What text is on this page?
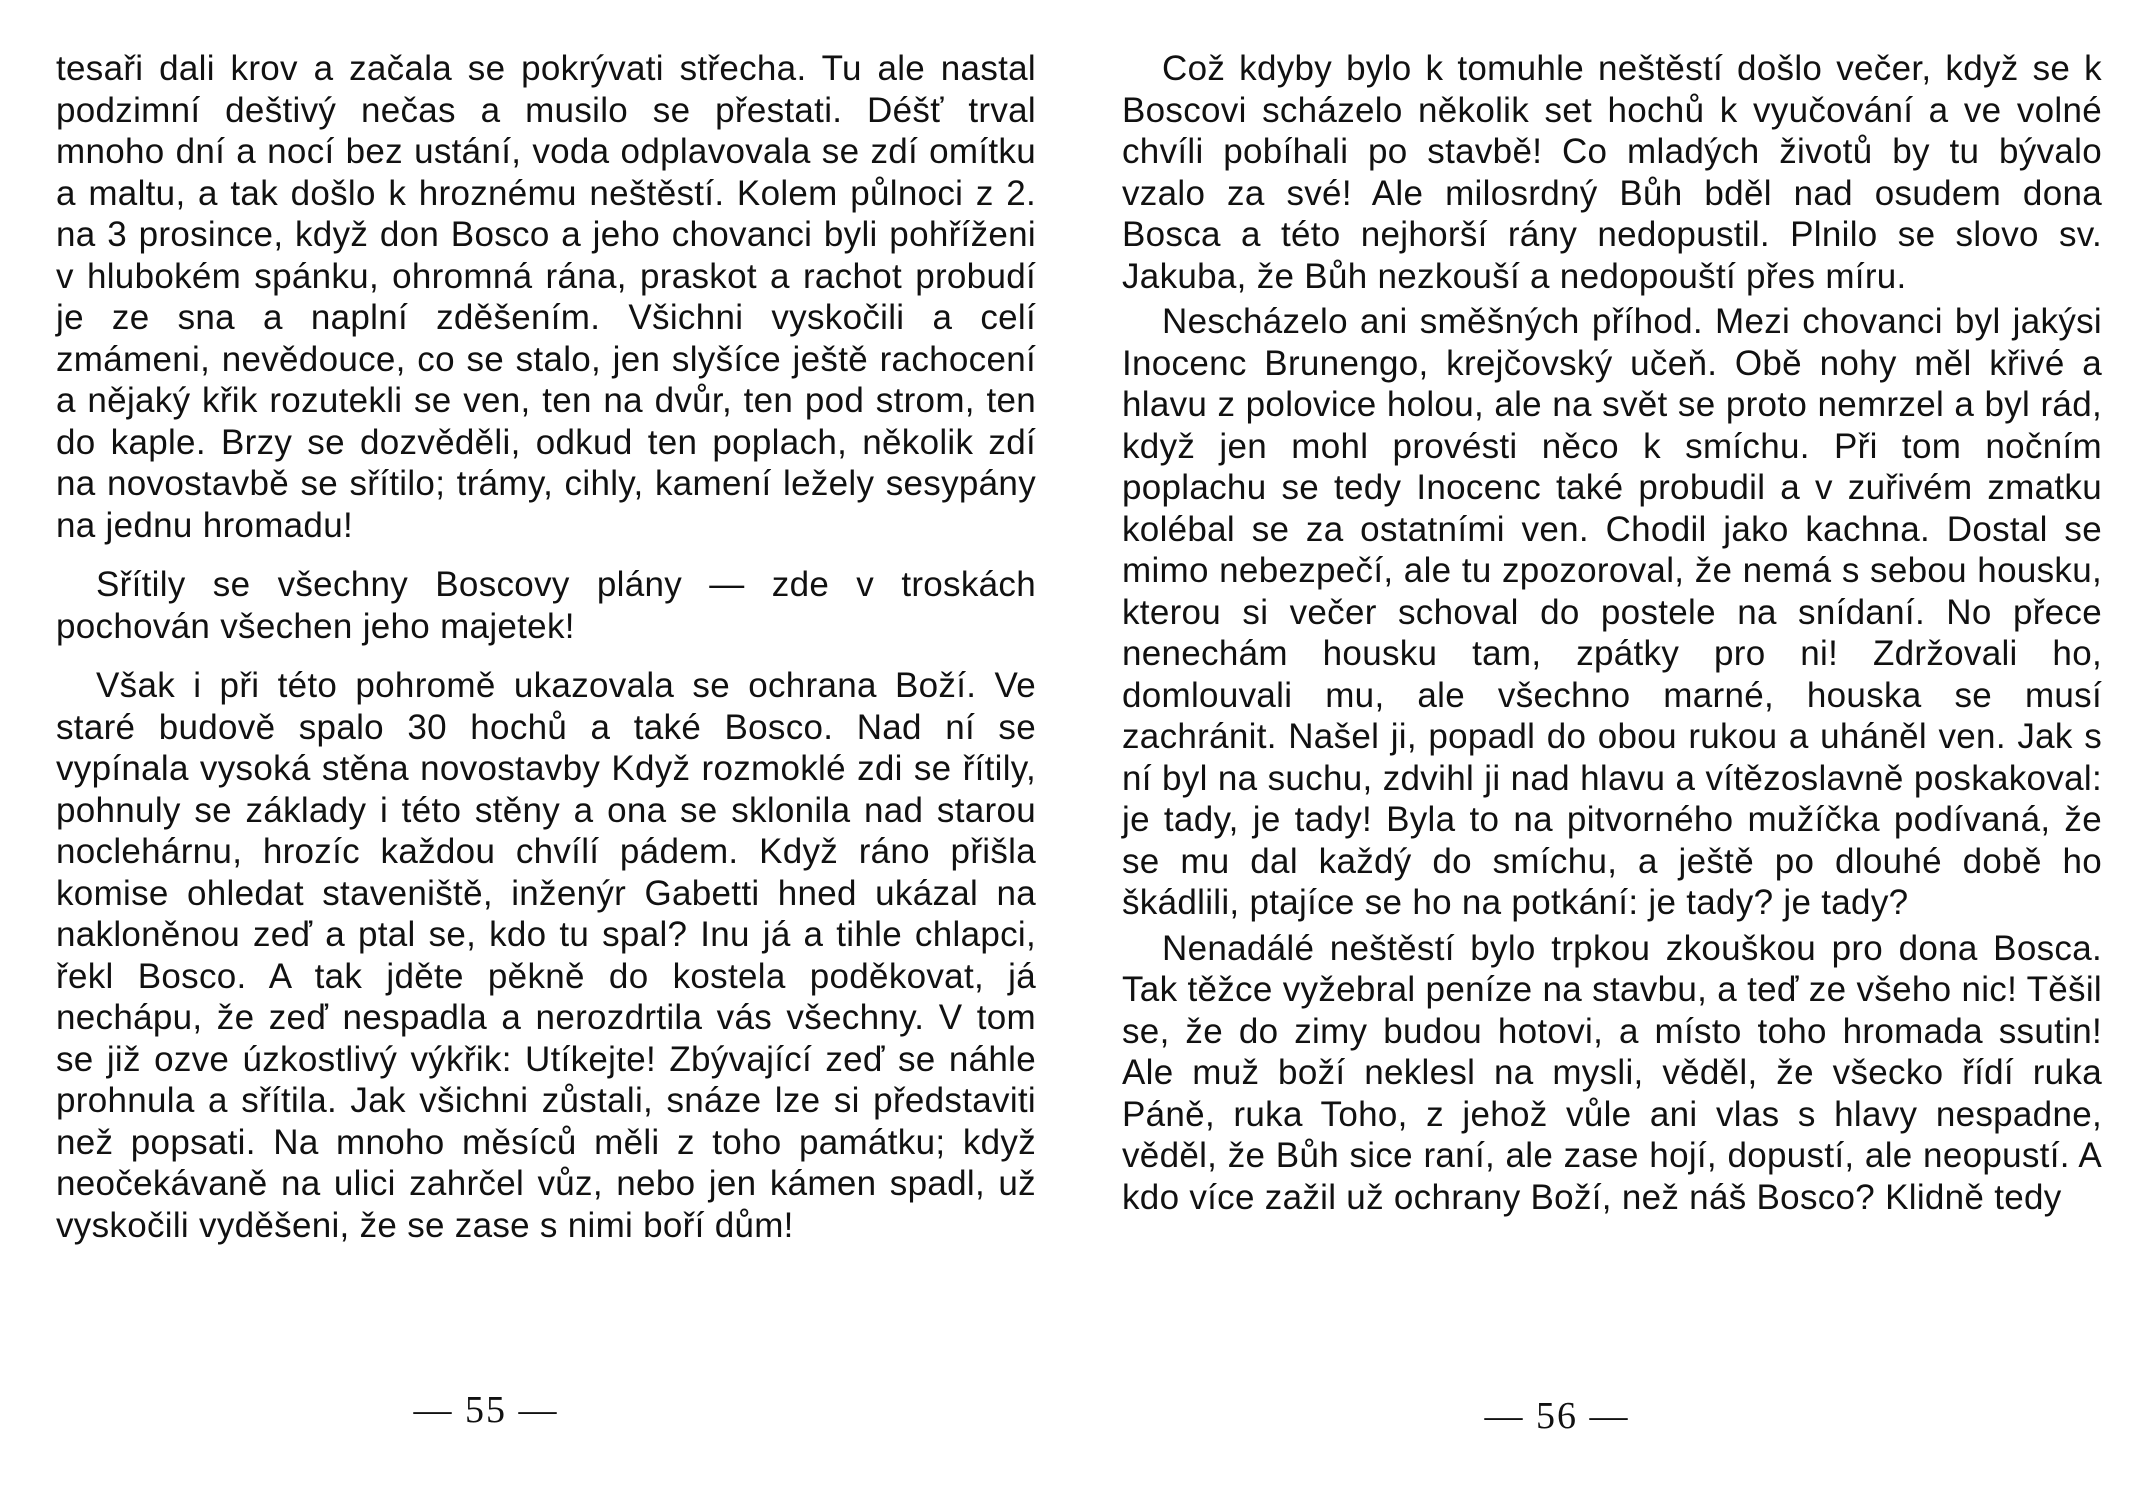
tesaři dali krov a začala se pokrývati střecha. Tu ale nastal podzimní deštivý nečas a musilo se přestati. Déšť trval mnoho dní a nocí bez ustání, voda odplavovala se zdí omítku a maltu, a tak došlo k hroznému neštěstí. Kolem půlnoci z 2. na 3 prosince, když don Bosco a jeho chovanci byli pohříženi v hlubokém spánku, ohromná rána, praskot a rachot probudí je ze sna a naplní zděšením. Všichni vyskočili a celí zmámeni, nevědouce, co se stalo, jen slyšíce ještě rachocení a nějaký křik rozutekli se ven, ten na dvůr, ten pod strom, ten do kaple. Brzy se dozvěděli, odkud ten poplach, několik zdí na novostavbě se sřítilo; trámy, cihly, kamení ležely sesypány na jednu hromadu!

Sřítily se všechny Boscovy plány — zde v troskách pochován všechen jeho majetek!

Však i při této pohromě ukazovala se ochrana Boží. Ve staré budově spalo 30 hochů a také Bosco. Nad ní se vypínala vysoká stěna novostavby Když rozmoklé zdi se řítily, pohnuly se základy i této stěny a ona se sklonila nad starou noclehárnu, hrozíc každou chvílí pádem. Když ráno přišla komise ohledat staveniště, inženýr Gabetti hned ukázal na nakloněnou zeď a ptal se, kdo tu spal? Inu já a tihle chlapci, řekl Bosco. A tak jděte pěkně do kostela poděkovat, já nechápu, že zeď nespadla a nerozdrtila vás všechny. V tom se již ozve úzkostlivý výkřik: Utíkejte! Zbývající zeď se náhle prohnula a sřítila. Jak všichni zůstali, snáze lze si představiti než popsati. Na mnoho měsíců měli z toho památku; když neočekávaně na ulici zahrčel vůz, nebo jen kámen spadl, už vyskočili vyděšeni, že se zase s nimi boří dům!

— 55 —

Což kdyby bylo k tomuhle neštěstí došlo večer, když se k Boscovi scházelo několik set hochů k vyučování a ve volné chvíli pobíhali po stavbě! Co mladých životů by tu bývalo vzalo za své! Ale milosrdný Bůh bděl nad osudem dona Bosca a této nejhorší rány nedopustil. Plnilo se slovo sv. Jakuba, že Bůh nezkouší a nedopouští přes míru.

Nescházelo ani směšných příhod. Mezi chovanci byl jakýsi Inocenc Brunengo, krejčovský učeň. Obě nohy měl křivé a hlavu z polovice holou, ale na svět se proto nemrzel a byl rád, když jen mohl provésti něco k smíchu. Při tom nočním poplachu se tedy Inocenc také probudil a v zuřivém zmatku kolébal se za ostatními ven. Chodil jako kachna. Dostal se mimo nebezpečí, ale tu zpozoroval, že nemá s sebou housku, kterou si večer schoval do postele na snídaní. No přece nenechám housku tam, zpátky pro ni! Zdržovali ho, domlouvali mu, ale všechno marné, houska se musí zachránit. Našel ji, popadl do obou rukou a uháněl ven. Jak s ní byl na suchu, zdvihl ji nad hlavu a vítězoslavně poskakoval: je tady, je tady! Byla to na pitvorného mužíčka podívaná, že se mu dal každý do smíchu, a ještě po dlouhé době ho škádlili, ptajíce se ho na potkání: je tady? je tady?

Nenadálé neštěstí bylo trpkou zkouškou pro dona Bosca. Tak těžce vyžebral peníze na stavbu, a teď ze všeho nic! Těšil se, že do zimy budou hotovi, a místo toho hromada ssutin! Ale muž boží neklesl na mysli, věděl, že všecko řídí ruka Páně, ruka Toho, z jehož vůle ani vlas s hlavy nespadne, věděl, že Bůh sice raní, ale zase hojí, dopustí, ale neopustí. A kdo více zažil už ochrany Boží, než náš Bosco? Klidně tedy

— 56 —
